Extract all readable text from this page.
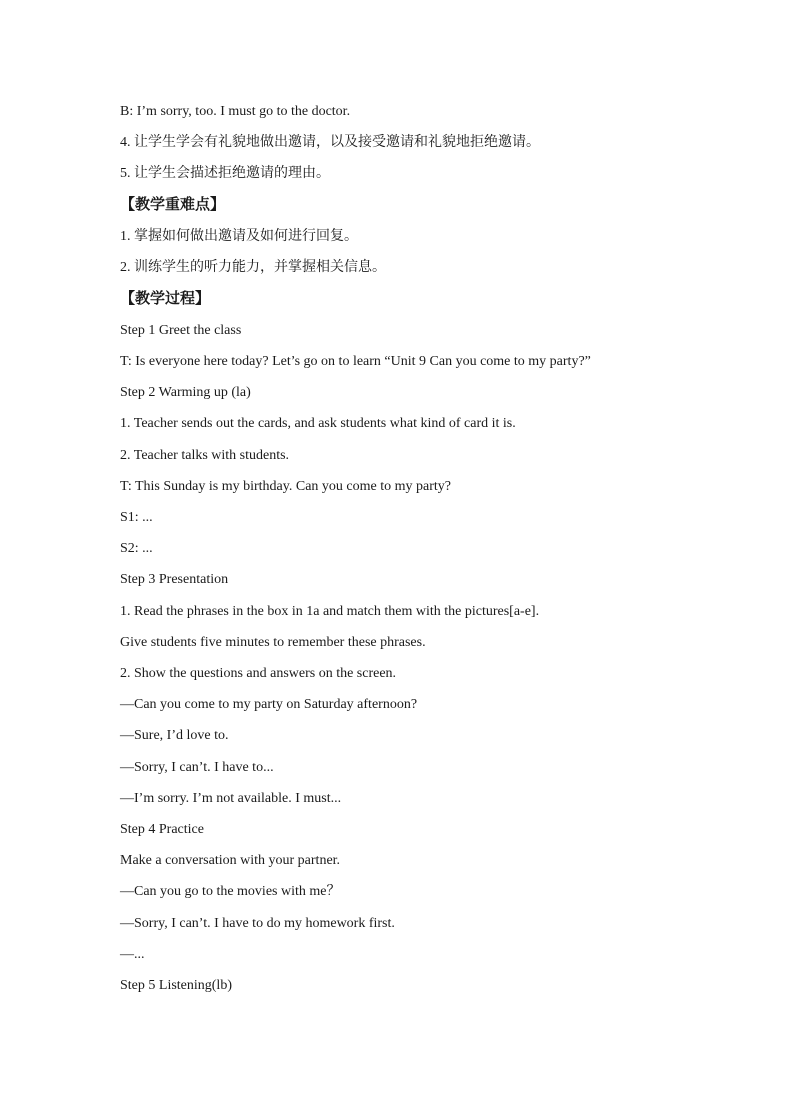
B: I’m sorry, too. I must go to the doctor.
4. 让学生学会有礼貌地做出邀请，以及接受邀请和礼貌地拒绝邀请。
5. 让学生会描述拒绝邀请的理由。
【教学重难点】
1. 掌握如何做出邀请及如何进行回复。
2. 训练学生的听力能力，并掌握相关信息。
【教学过程】
Step 1 Greet the class
T: Is everyone here today? Let’s go on to learn “Unit 9 Can you come to my party?”
Step 2 Warming up (la)
1. Teacher sends out the cards, and ask students what kind of card it is.
2. Teacher talks with students.
T: This Sunday is my birthday. Can you come to my party?
S1: ...
S2: ...
Step 3 Presentation
1. Read the phrases in the box in 1a and match them with the pictures[a-e].
Give students five minutes to remember these phrases.
2. Show the questions and answers on the screen.
—Can you come to my party on Saturday afternoon?
—Sure, I’d love to.
—Sorry, I can’t. I have to...
—I’m sorry. I’m not available. I must...
Step 4 Practice
Make a conversation with your partner.
—Can you go to the movies with me？
—Sorry, I can’t. I have to do my homework first.
—...
Step 5 Listening(lb)
